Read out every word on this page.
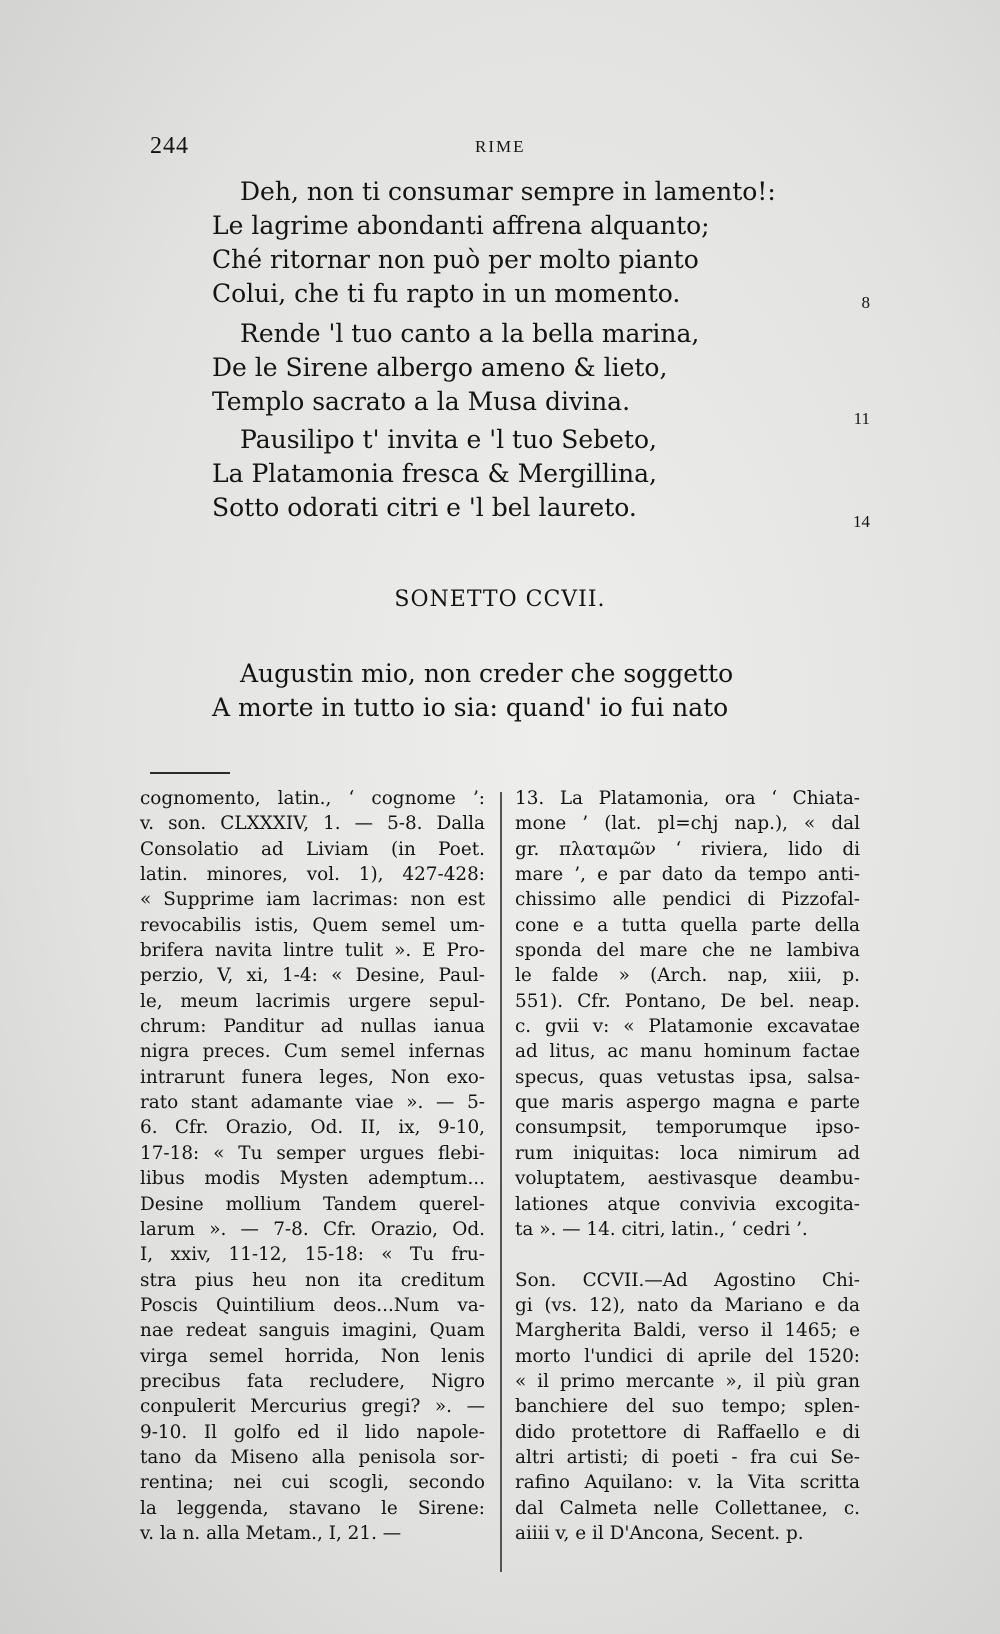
244	RIME

Deh, non ti consumar sempre in lamento!:

Le lagrime abondanti affrena alquanto;

Ché ritornar non può per molto pianto

Colui, che ti fu rapto in un momento.	8

Rende 'l tuo canto a la bella marina,

De le Sirene albergo ameno & lieto,

Templo sacrato a la Musa divina.

11

Pausilipo t' invita e 'l tuo Sebeto,

La Platamonia fresca & Mergillina,

Sotto odorati citri e 'l bel laureto.	14
SONETTO CCVII.

Augustin mio, non creder che soggetto

A morte in tutto io sia: quand' io fui nato

cognomento, latin., ‘ cognome ’:
v. son. CLXXXIV, 1. — 5-8. Dalla
Consolatio ad Liviam (in Poet.
latin. minores, vol. 1), 427-428:
« Supprime iam lacrimas: non est
revocabilis istis, Quem semel um-
brifera navita lintre tulit ». E Pro-
perzio, V, xi, 1-4: « Desine, Paul-
le, meum lacrimis urgere sepul-
chrum: Panditur ad nullas ianua
nigra preces. Cum semel infernas
intrarunt funera leges, Non exo-
rato stant adamante viae ». — 5-
6. Cfr. Orazio, Od. II, ix, 9-10,
17-18: « Tu semper urgues flebi-
libus modis Mysten ademptum...
Desine mollium Tandem querel-
larum ». — 7-8. Cfr. Orazio, Od.
I, xxiv, 11-12, 15-18: « Tu fru-
stra pius heu non ita creditum
Poscis Quintilium deos...Num va-
nae redeat sanguis imagini, Quam
virga semel horrida, Non lenis
precibus fata recludere, Nigro
conpulerit Mercurius gregi? ». —
9-10. Il golfo ed il lido napole-
tano da Miseno alla penisola sor-
rentina; nei cui scogli, secondo
la leggenda, stavano le Sirene:
v. la n. alla Metam., I, 21. —
13. La Platamonia, ora ‘ Chiata-
mone ’ (lat. pl=chj nap.), « dal
gr. πλαταμῶν ‘ riviera, lido di
mare ’, e par dato da tempo anti-
chissimo alle pendici di Pizzofal-
cone e a tutta quella parte della
sponda del mare che ne lambiva
le falde » (Arch. nap, xiii, p.
551). Cfr. Pontano, De bel. neap.
c. gvii v: « Platamonie excavatae
ad litus, ac manu hominum factae
specus, quas vetustas ipsa, salsa-
que maris aspergo magna e parte
consumpsit, temporumque ipso-
rum iniquitas: loca nimirum ad
voluptatem, aestivasque deambu-
lationes atque convivia excogita-
ta ». — 14. citri, latin., ‘ cedri ’.

Son. CCVII.—Ad Agostino Chi-
gi (vs. 12), nato da Mariano e da
Margherita Baldi, verso il 1465; e
morto l'undici di aprile del 1520:
« il primo mercante », il più gran
banchiere del suo tempo; splen-
dido protettore di Raffaello e di
altri artisti; di poeti - fra cui Se-
rafino Aquilano: v. la Vita scritta
dal Calmeta nelle Collettanee, c.
aiiii v, e il D'Ancona, Secent. p.
